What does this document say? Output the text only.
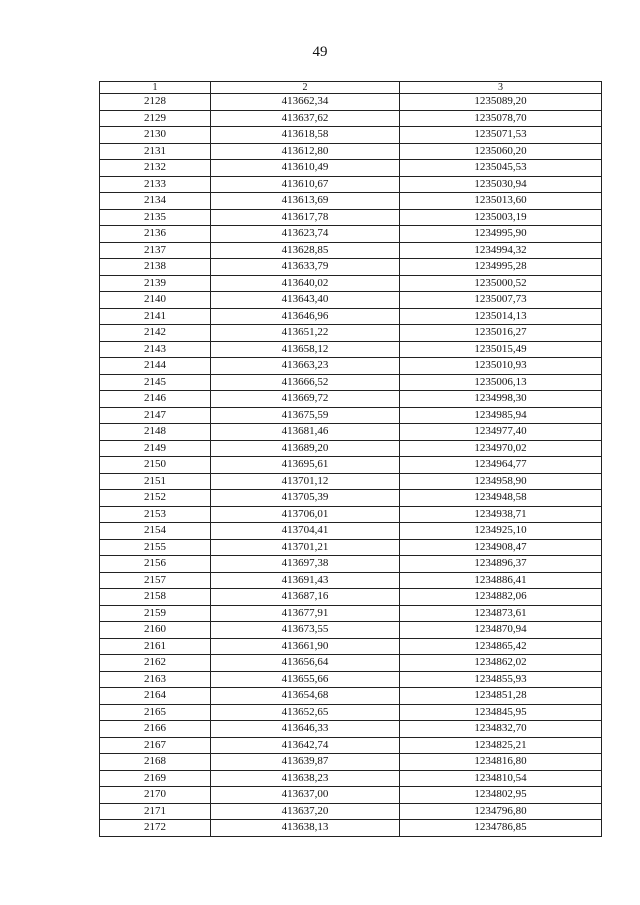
49
1	2	3
2128	413662,34	1235089,20
2129	413637,62	1235078,70
2130	413618,58	1235071,53
2131	413612,80	1235060,20
2132	413610,49	1235045,53
2133	413610,67	1235030,94
2134	413613,69	1235013,60
2135	413617,78	1235003,19
2136	413623,74	1234995,90
2137	413628,85	1234994,32
2138	413633,79	1234995,28
2139	413640,02	1235000,52
2140	413643,40	1235007,73
2141	413646,96	1235014,13
2142	413651,22	1235016,27
2143	413658,12	1235015,49
2144	413663,23	1235010,93
2145	413666,52	1235006,13
2146	413669,72	1234998,30
2147	413675,59	1234985,94
2148	413681,46	1234977,40
2149	413689,20	1234970,02
2150	413695,61	1234964,77
2151	413701,12	1234958,90
2152	413705,39	1234948,58
2153	413706,01	1234938,71
2154	413704,41	1234925,10
2155	413701,21	1234908,47
2156	413697,38	1234896,37
2157	413691,43	1234886,41
2158	413687,16	1234882,06
2159	413677,91	1234873,61
2160	413673,55	1234870,94
2161	413661,90	1234865,42
2162	413656,64	1234862,02
2163	413655,66	1234855,93
2164	413654,68	1234851,28
2165	413652,65	1234845,95
2166	413646,33	1234832,70
2167	413642,74	1234825,21
2168	413639,87	1234816,80
2169	413638,23	1234810,54
2170	413637,00	1234802,95
2171	413637,20	1234796,80
2172	413638,13	1234786,85
